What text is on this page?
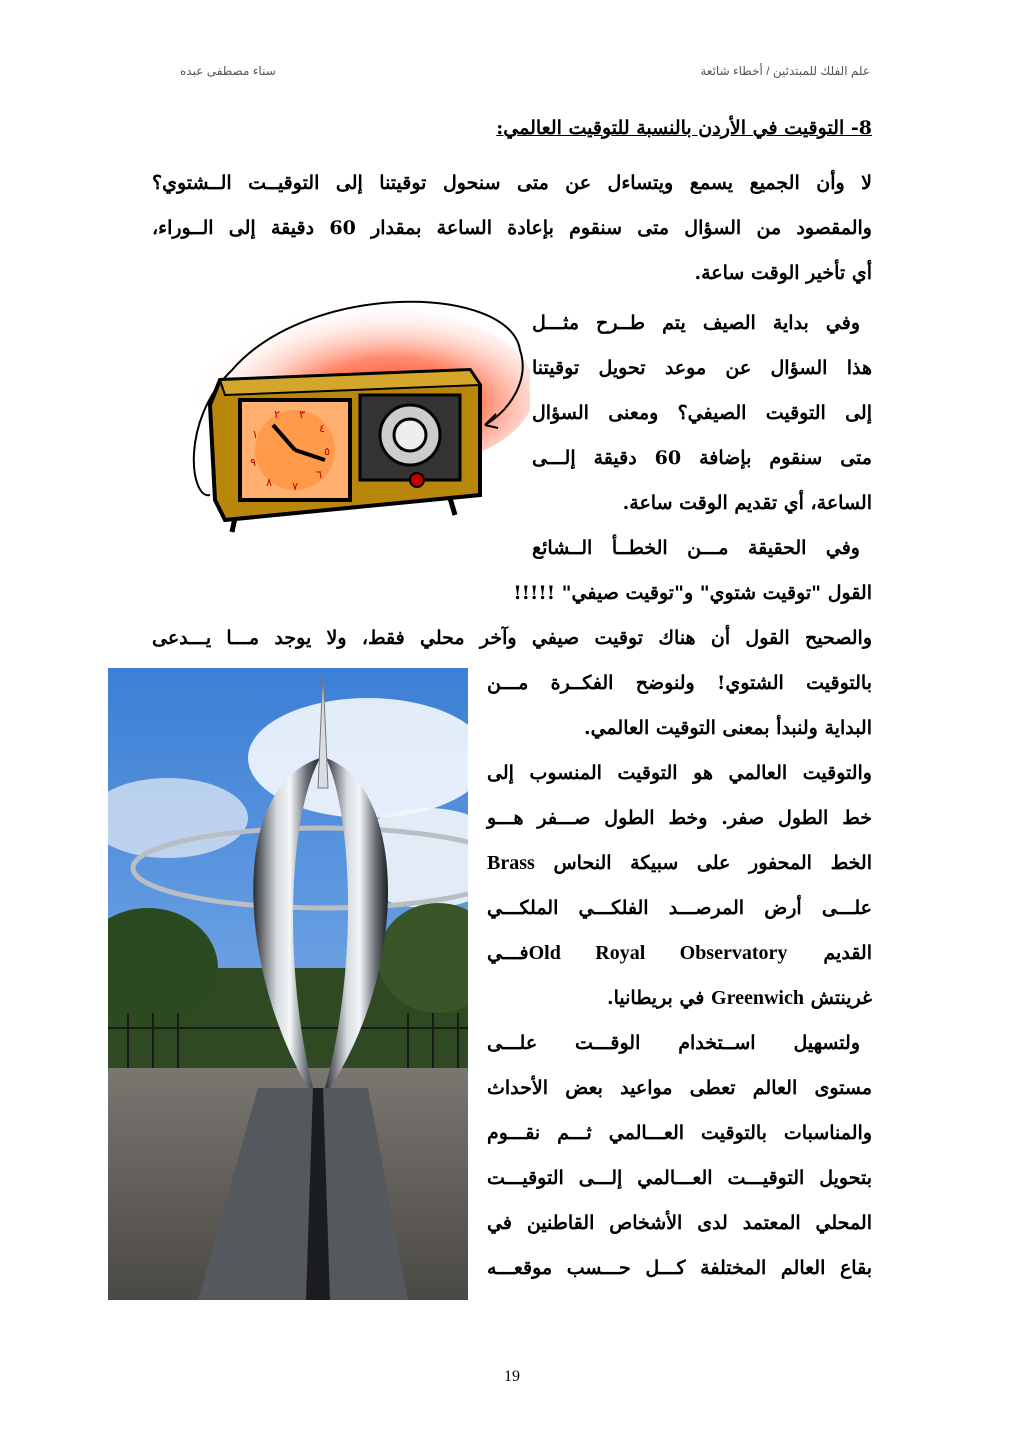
علم الفلك للمبتدئين / أخطاء شائعة
سناء مصطفى عبده
8- التوقيت في الأردن بالنسبة للتوقيت العالمي:
لا وأن الجميع يسمع ويتساءل عن متى سنحول توقيتنا إلى التوقيــت الــشتوي؟
والمقصود من السؤال متى سنقوم بإعادة الساعة بمقدار 60 دقيقة إلى الــوراء،
أي تأخير الوقت ساعة.
٢ ٣
٤
٥
٦
٧
٨
٩
١
وفي بداية الصيف يتم طــرح مثـــل
هذا السؤال عن موعد تحويل توقيتنا
إلى التوقيت الصيفي؟ ومعنى السؤال
متى سنقوم بإضافة 60 دقيقة إلـــى
الساعة، أي تقديم الوقت ساعة.
وفي الحقيقة مـــن الخطــأ الــشائع
القول "توقيت شتوي" و"توقيت صيفي" !!!!!
والصحيح القول أن هناك توقيت صيفي وآخر محلي فقط، ولا يوجد مـــا يـــدعى
بالتوقيت الشتوي! ولنوضح الفكــرة مـــن
البداية ولنبدأ بمعنى التوقيت العالمي.
والتوقيت العالمي هو التوقيت المنسوب إلى
خط الطول صفر. وخط الطول صـــفر هـــو
الخط المحفور على سبيكة النحاس Brass
علـــى أرض المرصـــد الفلكـــي الملكـــي
القديم Old Royal Observatoryفـــي
غرينتش Greenwich في بريطانيا.
ولتسهيل اســتخدام الوقـــت علـــى
مستوى العالم تعطى مواعيد بعض الأحداث
والمناسبات بالتوقيت العـــالمي ثـــم نقـــوم
بتحويل التوقيـــت العـــالمي إلـــى التوقيـــت
المحلي المعتمد لدى الأشخاص القاطنين في
بقاع العالم المختلفة كـــل حـــسب موقعـــه
19
